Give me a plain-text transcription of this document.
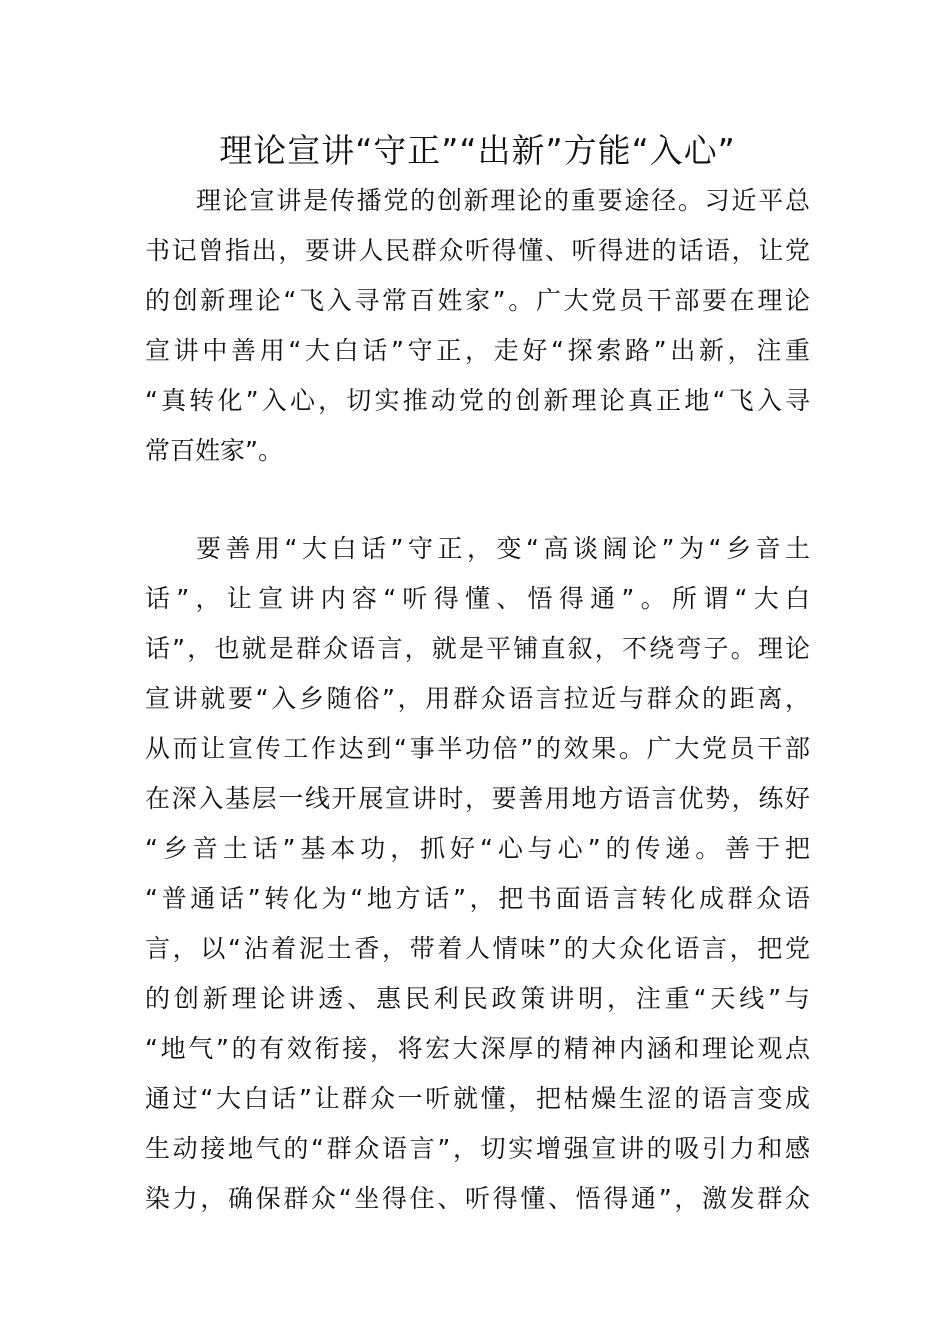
理论宣讲“守正”“出新”方能“入心”

理论宣讲是传播党的创新理论的重要途径。习近平总
书记曾指出，要讲人民群众听得懂、听得进的话语，让党
的创新理论“飞入寻常百姓家”。广大党员干部要在理论
宣讲中善用“大白话”守正，走好“探索路”出新，注重
“真转化”入心，切实推动党的创新理论真正地“飞入寻
常百姓家”。

要善用“大白话”守正，变“高谈阔论”为“乡音土
话”，让宣讲内容“听得懂、悟得通”。所谓“大白
话”，也就是群众语言，就是平铺直叙，不绕弯子。理论
宣讲就要“入乡随俗”，用群众语言拉近与群众的距离，
从而让宣传工作达到“事半功倍”的效果。广大党员干部
在深入基层一线开展宣讲时，要善用地方语言优势，练好
“乡音土话”基本功，抓好“心与心”的传递。善于把
“普通话”转化为“地方话”，把书面语言转化成群众语
言，以“沾着泥土香，带着人情味”的大众化语言，把党
的创新理论讲透、惠民利民政策讲明，注重“天线”与
“地气”的有效衔接，将宏大深厚的精神内涵和理论观点
通过“大白话”让群众一听就懂，把枯燥生涩的语言变成
生动接地气的“群众语言”，切实增强宣讲的吸引力和感
染力，确保群众“坐得住、听得懂、悟得通”，激发群众
